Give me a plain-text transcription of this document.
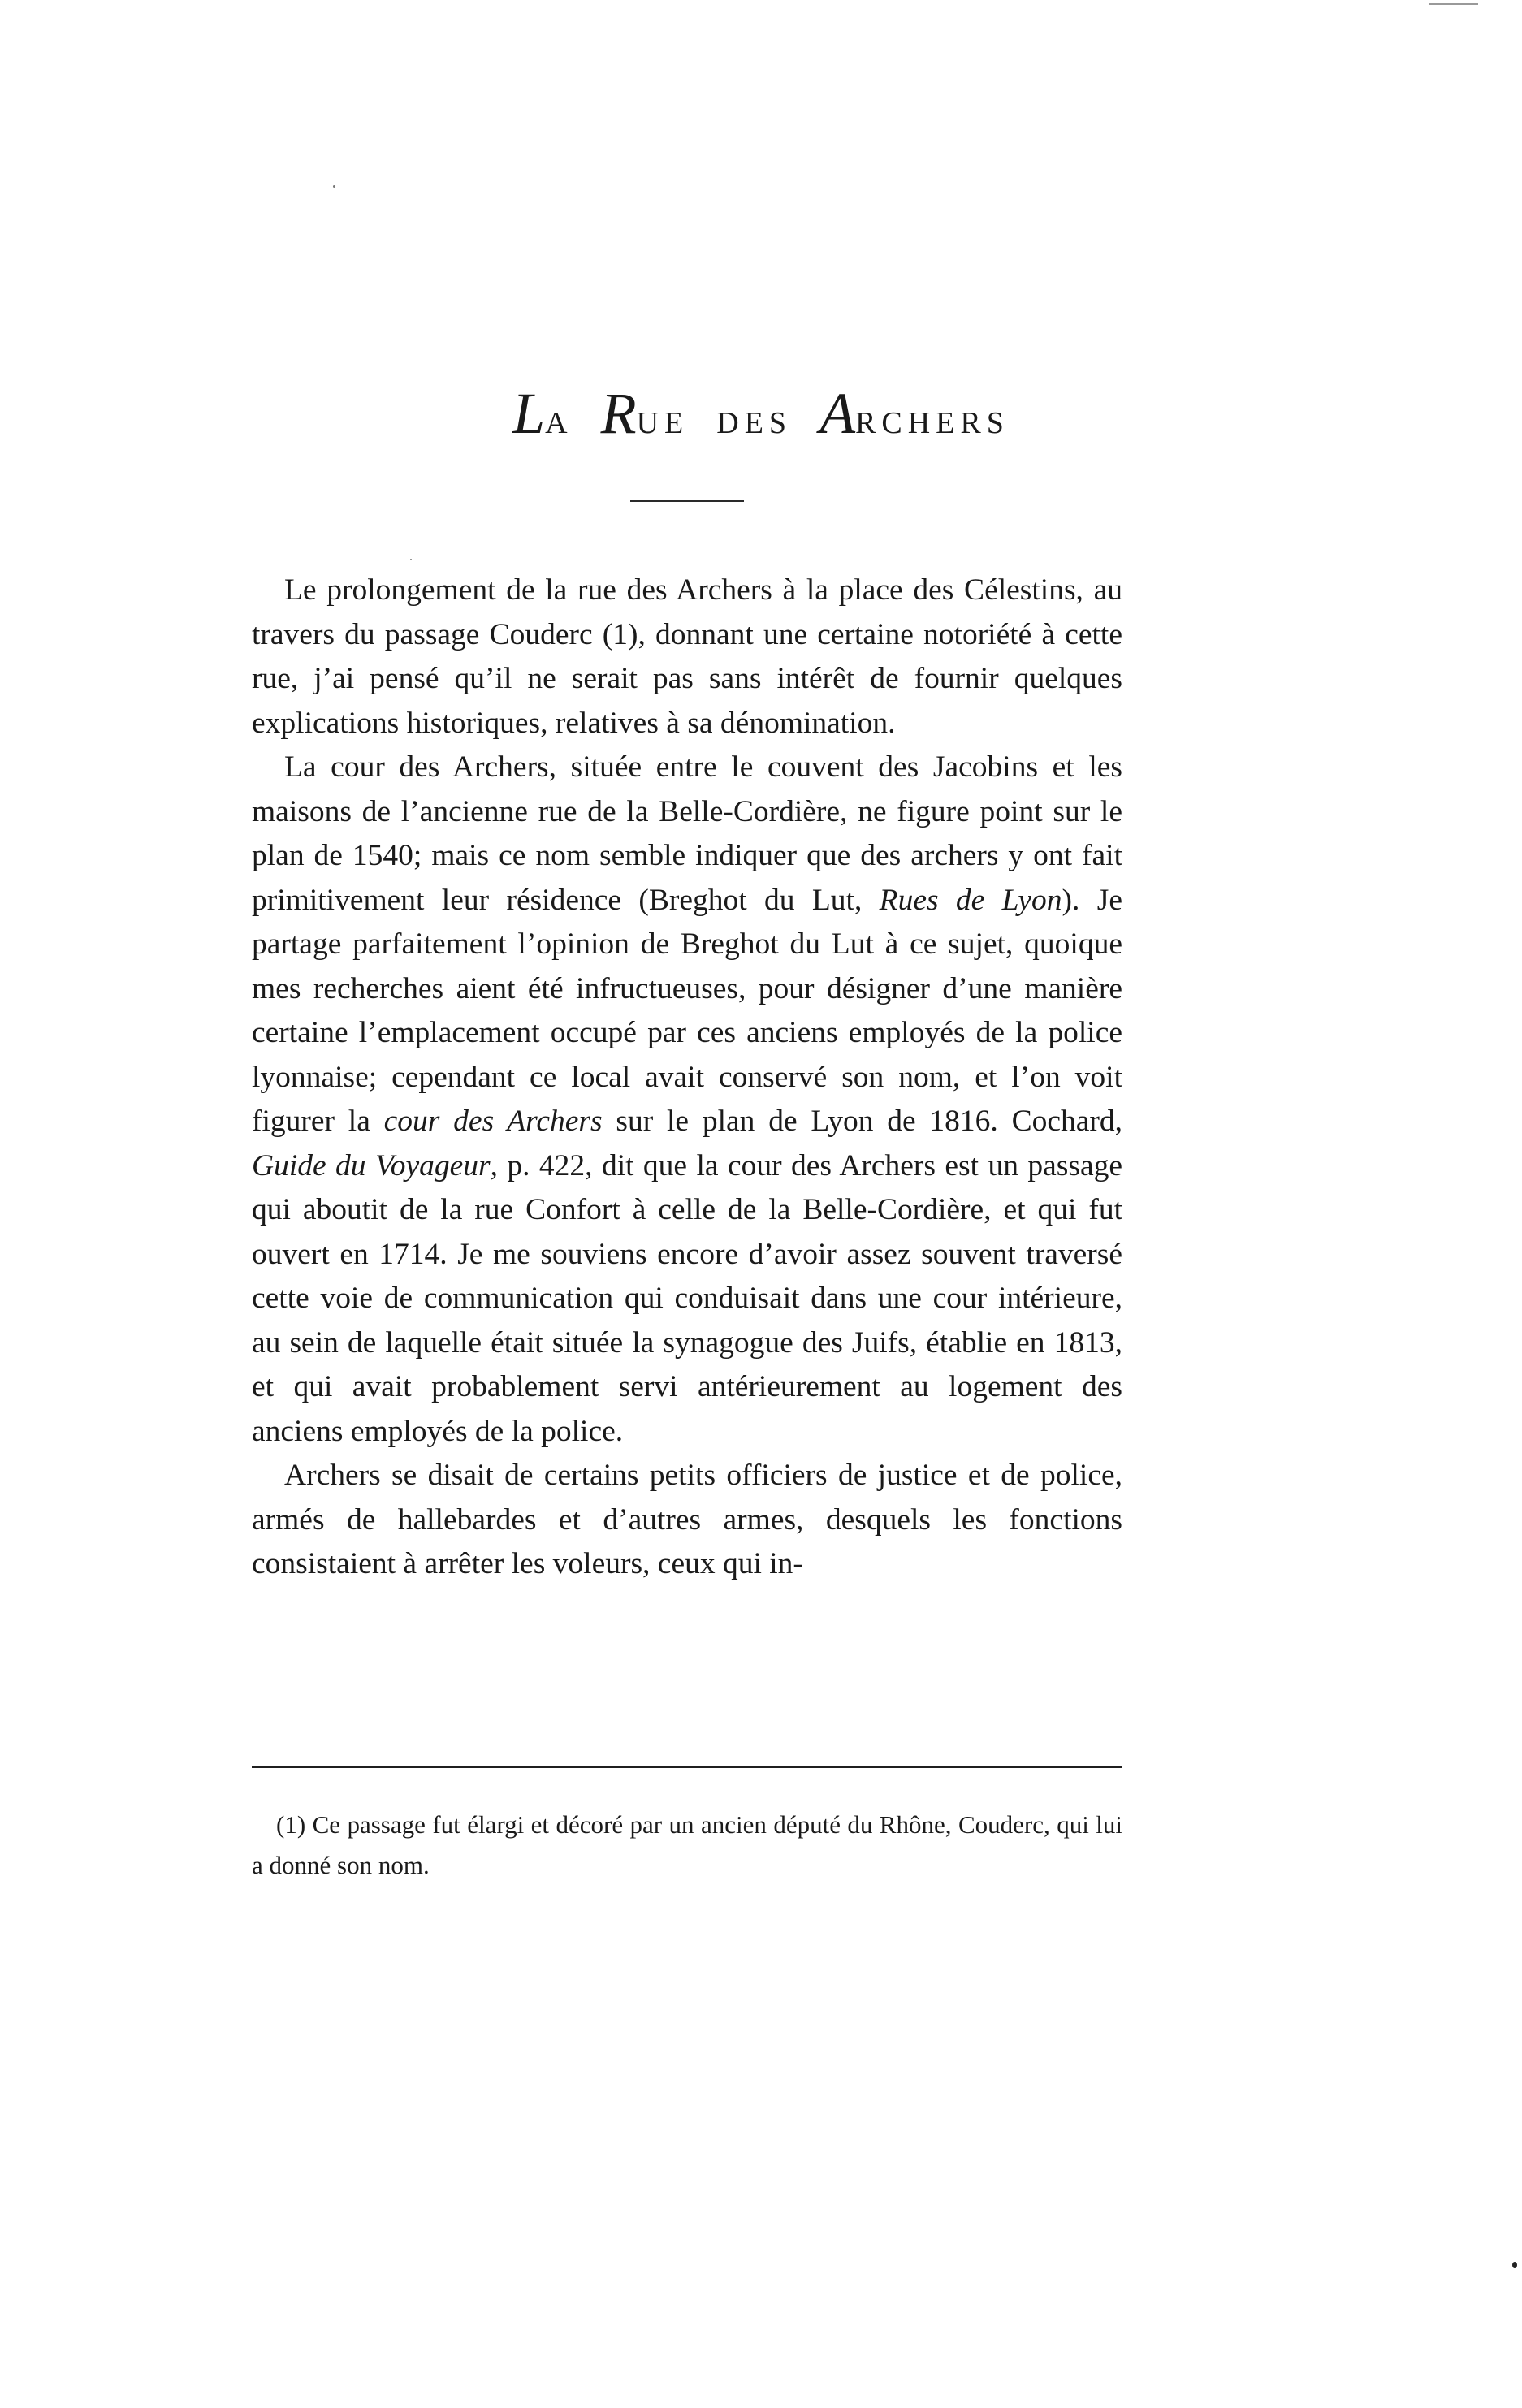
LA RUE DES ARCHERS

Le prolongement de la rue des Archers à la place des Célestins, au travers du passage Couderc (1), donnant une certaine notoriété à cette rue, j’ai pensé qu’il ne serait pas sans intérêt de fournir quelques explications historiques, relatives à sa dénomination.

La cour des Archers, située entre le couvent des Jacobins et les maisons de l’ancienne rue de la Belle-Cordière, ne figure point sur le plan de 1540; mais ce nom semble indiquer que des archers y ont fait primitivement leur résidence (Breghot du Lut, Rues de Lyon). Je partage parfaitement l’opinion de Breghot du Lut à ce sujet, quoique mes recherches aient été infructueuses, pour désigner d’une manière certaine l’emplacement occupé par ces anciens employés de la police lyonnaise; cependant ce local avait conservé son nom, et l’on voit figurer la cour des Archers sur le plan de Lyon de 1816. Cochard, Guide du Voyageur, p. 422, dit que la cour des Archers est un passage qui aboutit de la rue Confort à celle de la Belle-Cordière, et qui fut ouvert en 1714. Je me souviens encore d’avoir assez souvent traversé cette voie de communication qui conduisait dans une cour intérieure, au sein de laquelle était située la synagogue des Juifs, établie en 1813, et qui avait probablement servi antérieurement au logement des anciens employés de la police.

Archers se disait de certains petits officiers de justice et de police, armés de hallebardes et d’autres armes, desquels les fonctions consistaient à arrêter les voleurs, ceux qui in-

(1) Ce passage fut élargi et décoré par un ancien député du Rhône, Couderc, qui lui a donné son nom.
